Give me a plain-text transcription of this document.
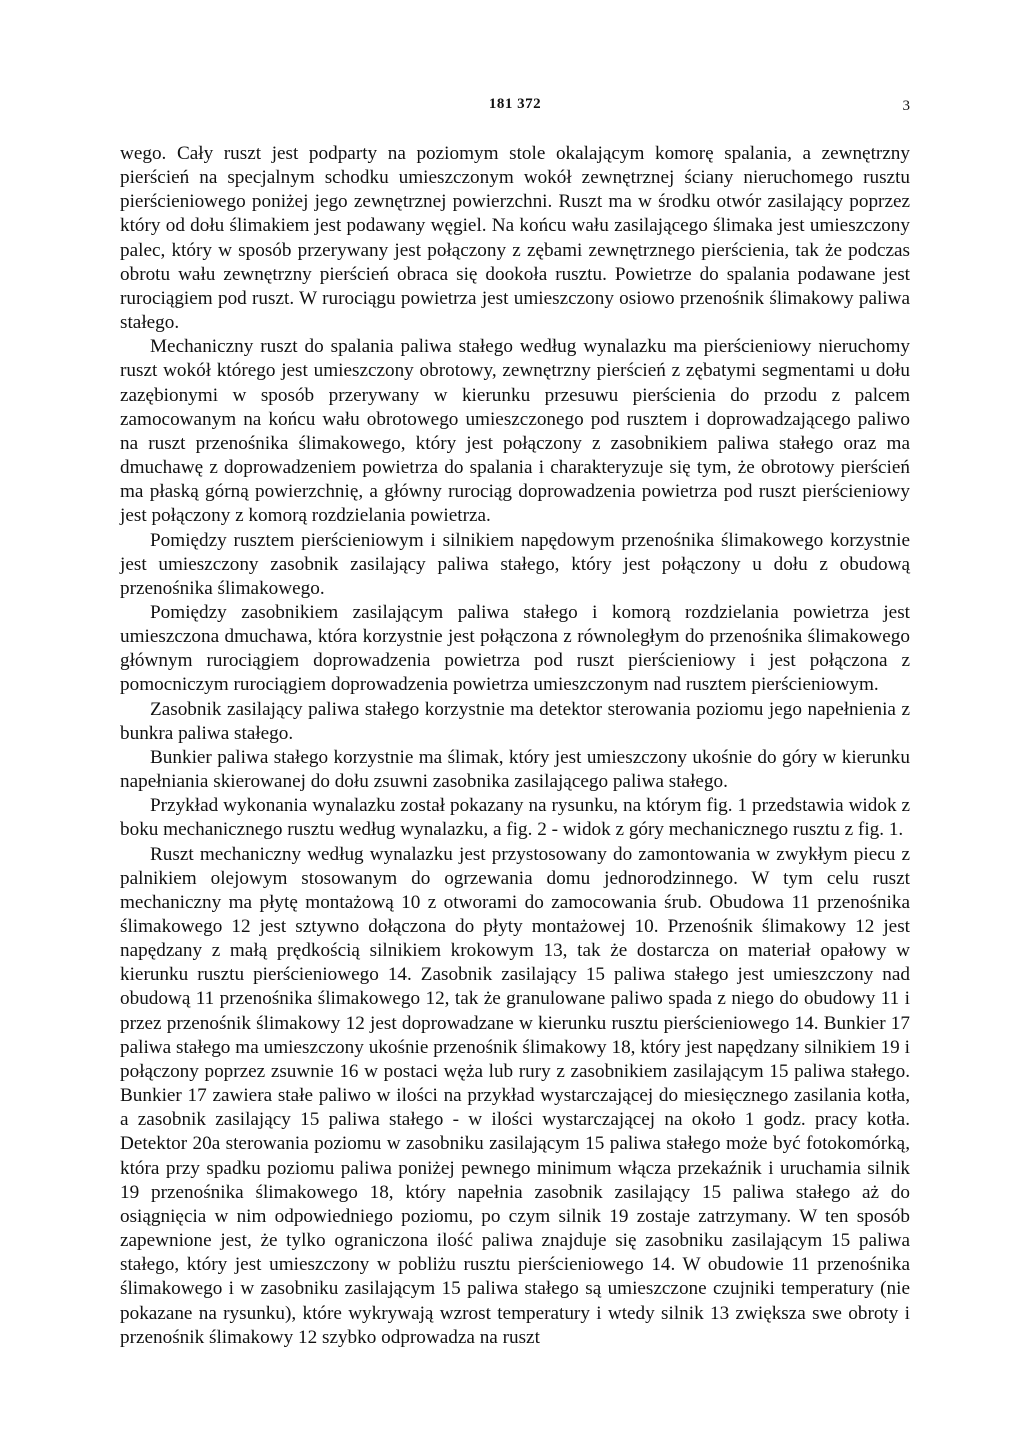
181 372	3

wego. Cały ruszt jest podparty na poziomym stole okalającym komorę spalania, a zewnętrzny pierścień na specjalnym schodku umieszczonym wokół zewnętrznej ściany nieruchomego rusztu pierścieniowego poniżej jego zewnętrznej powierzchni. Ruszt ma w środku otwór zasilający poprzez który od dołu ślimakiem jest podawany węgiel. Na końcu wału zasilającego ślimaka jest umieszczony palec, który w sposób przerywany jest połączony z zębami zewnętrznego pierścienia, tak że podczas obrotu wału zewnętrzny pierścień obraca się dookoła rusztu. Powietrze do spalania podawane jest rurociągiem pod ruszt. W rurociągu powietrza jest umieszczony osiowo przenośnik ślimakowy paliwa stałego.

Mechaniczny ruszt do spalania paliwa stałego według wynalazku ma pierścieniowy nieruchomy ruszt wokół którego jest umieszczony obrotowy, zewnętrzny pierścień z zębatymi segmentami u dołu zazębionymi w sposób przerywany w kierunku przesuwu pierścienia do przodu z palcem zamocowanym na końcu wału obrotowego umieszczonego pod rusztem i doprowadzającego paliwo na ruszt przenośnika ślimakowego, który jest połączony z zasobnikiem paliwa stałego oraz ma dmuchawę z doprowadzeniem powietrza do spalania i charakteryzuje się tym, że obrotowy pierścień ma płaską górną powierzchnię, a główny rurociąg doprowadzenia powietrza pod ruszt pierścieniowy jest połączony z komorą rozdzielania powietrza.

Pomiędzy rusztem pierścieniowym i silnikiem napędowym przenośnika ślimakowego korzystnie jest umieszczony zasobnik zasilający paliwa stałego, który jest połączony u dołu z obudową przenośnika ślimakowego.

Pomiędzy zasobnikiem zasilającym paliwa stałego i komorą rozdzielania powietrza jest umieszczona dmuchawa, która korzystnie jest połączona z równoległym do przenośnika ślimakowego głównym rurociągiem doprowadzenia powietrza pod ruszt pierścieniowy i jest połączona z pomocniczym rurociągiem doprowadzenia powietrza umieszczonym nad rusztem pierścieniowym.

Zasobnik zasilający paliwa stałego korzystnie ma detektor sterowania poziomu jego napełnienia z bunkra paliwa stałego.

Bunkier paliwa stałego korzystnie ma ślimak, który jest umieszczony ukośnie do góry w kierunku napełniania skierowanej do dołu zsuwni zasobnika zasilającego paliwa stałego.

Przykład wykonania wynalazku został pokazany na rysunku, na którym fig. 1 przedstawia widok z boku mechanicznego rusztu według wynalazku, a fig. 2 - widok z góry mechanicznego rusztu z fig. 1.

Ruszt mechaniczny według wynalazku jest przystosowany do zamontowania w zwykłym piecu z palnikiem olejowym stosowanym do ogrzewania domu jednorodzinnego. W tym celu ruszt mechaniczny ma płytę montażową 10 z otworami do zamocowania śrub. Obudowa 11 przenośnika ślimakowego 12 jest sztywno dołączona do płyty montażowej 10. Przenośnik ślimakowy 12 jest napędzany z małą prędkością silnikiem krokowym 13, tak że dostarcza on materiał opałowy w kierunku rusztu pierścieniowego 14. Zasobnik zasilający 15 paliwa stałego jest umieszczony nad obudową 11 przenośnika ślimakowego 12, tak że granulowane paliwo spada z niego do obudowy 11 i przez przenośnik ślimakowy 12 jest doprowadzane w kierunku rusztu pierścieniowego 14. Bunkier 17 paliwa stałego ma umieszczony ukośnie przenośnik ślimakowy 18, który jest napędzany silnikiem 19 i połączony poprzez zsuwnie 16 w postaci węża lub rury z zasobnikiem zasilającym 15 paliwa stałego. Bunkier 17 zawiera stałe paliwo w ilości na przykład wystarczającej do miesięcznego zasilania kotła, a zasobnik zasilający 15 paliwa stałego - w ilości wystarczającej na około 1 godz. pracy kotła. Detektor 20a sterowania poziomu w zasobniku zasilającym 15 paliwa stałego może być fotokomórką, która przy spadku poziomu paliwa poniżej pewnego minimum włącza przekaźnik i uruchamia silnik 19 przenośnika ślimakowego 18, który napełnia zasobnik zasilający 15 paliwa stałego aż do osiągnięcia w nim odpowiedniego poziomu, po czym silnik 19 zostaje zatrzymany. W ten sposób zapewnione jest, że tylko ograniczona ilość paliwa znajduje się zasobniku zasilającym 15 paliwa stałego, który jest umieszczony w pobliżu rusztu pierścieniowego 14. W obudowie 11 przenośnika ślimakowego i w zasobniku zasilającym 15 paliwa stałego są umieszczone czujniki temperatury (nie pokazane na rysunku), które wykrywają wzrost temperatury i wtedy silnik 13 zwiększa swe obroty i przenośnik ślimakowy 12 szybko odprowadza na ruszt
